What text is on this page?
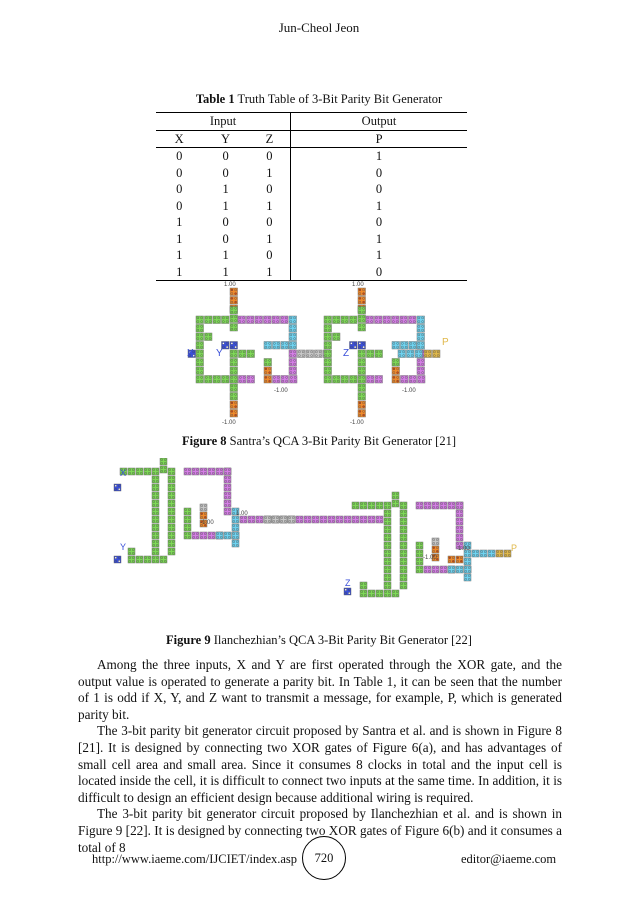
Jun-Cheol Jeon
Table 1 Truth Table of 3-Bit Parity Bit Generator
Input			Output
X	Y	Z	P
0	0	0	1
0	0	1	0
0	1	0	0
0	1	1	1
1	0	0	0
1	0	1	1
1	1	0	1
1	1	1	0
X Y	Z
P
1.00	1.00
-1.00	-1.00
-1.00	-1.00
Figure 8 Santra’s QCA 3-Bit Parity Bit Generator [21]
X
Y
Z
P
1.00
1.00
-1.00
-1.00
Figure 9 Ilanchezhian’s QCA 3-Bit Parity Bit Generator [22]

Among the three inputs, X and Y are first operated through the XOR gate, and the output value is operated to generate a parity bit. In Table 1, it can be seen that the number of 1 is odd if X, Y, and Z want to transmit a message, for example, P, which is generated parity bit.

The 3-bit parity bit generator circuit proposed by Santra et al. and is shown in Figure 8 [21]. It is designed by connecting two XOR gates of Figure 6(a), and has advantages of small cell area and small area. Since it consumes 8 clocks in total and the input cell is located inside the cell, it is difficult to connect two inputs at the same time. In addition, it is difficult to design an efficient design because additional wiring is required.

The 3-bit parity bit generator circuit proposed by Ilanchezhian et al. and is shown in Figure 9 [22]. It is designed by connecting two XOR gates of Figure 6(b) and it consumes a total of 8

http://www.iaeme.com/IJCIET/index.asp	720	editor@iaeme.com
